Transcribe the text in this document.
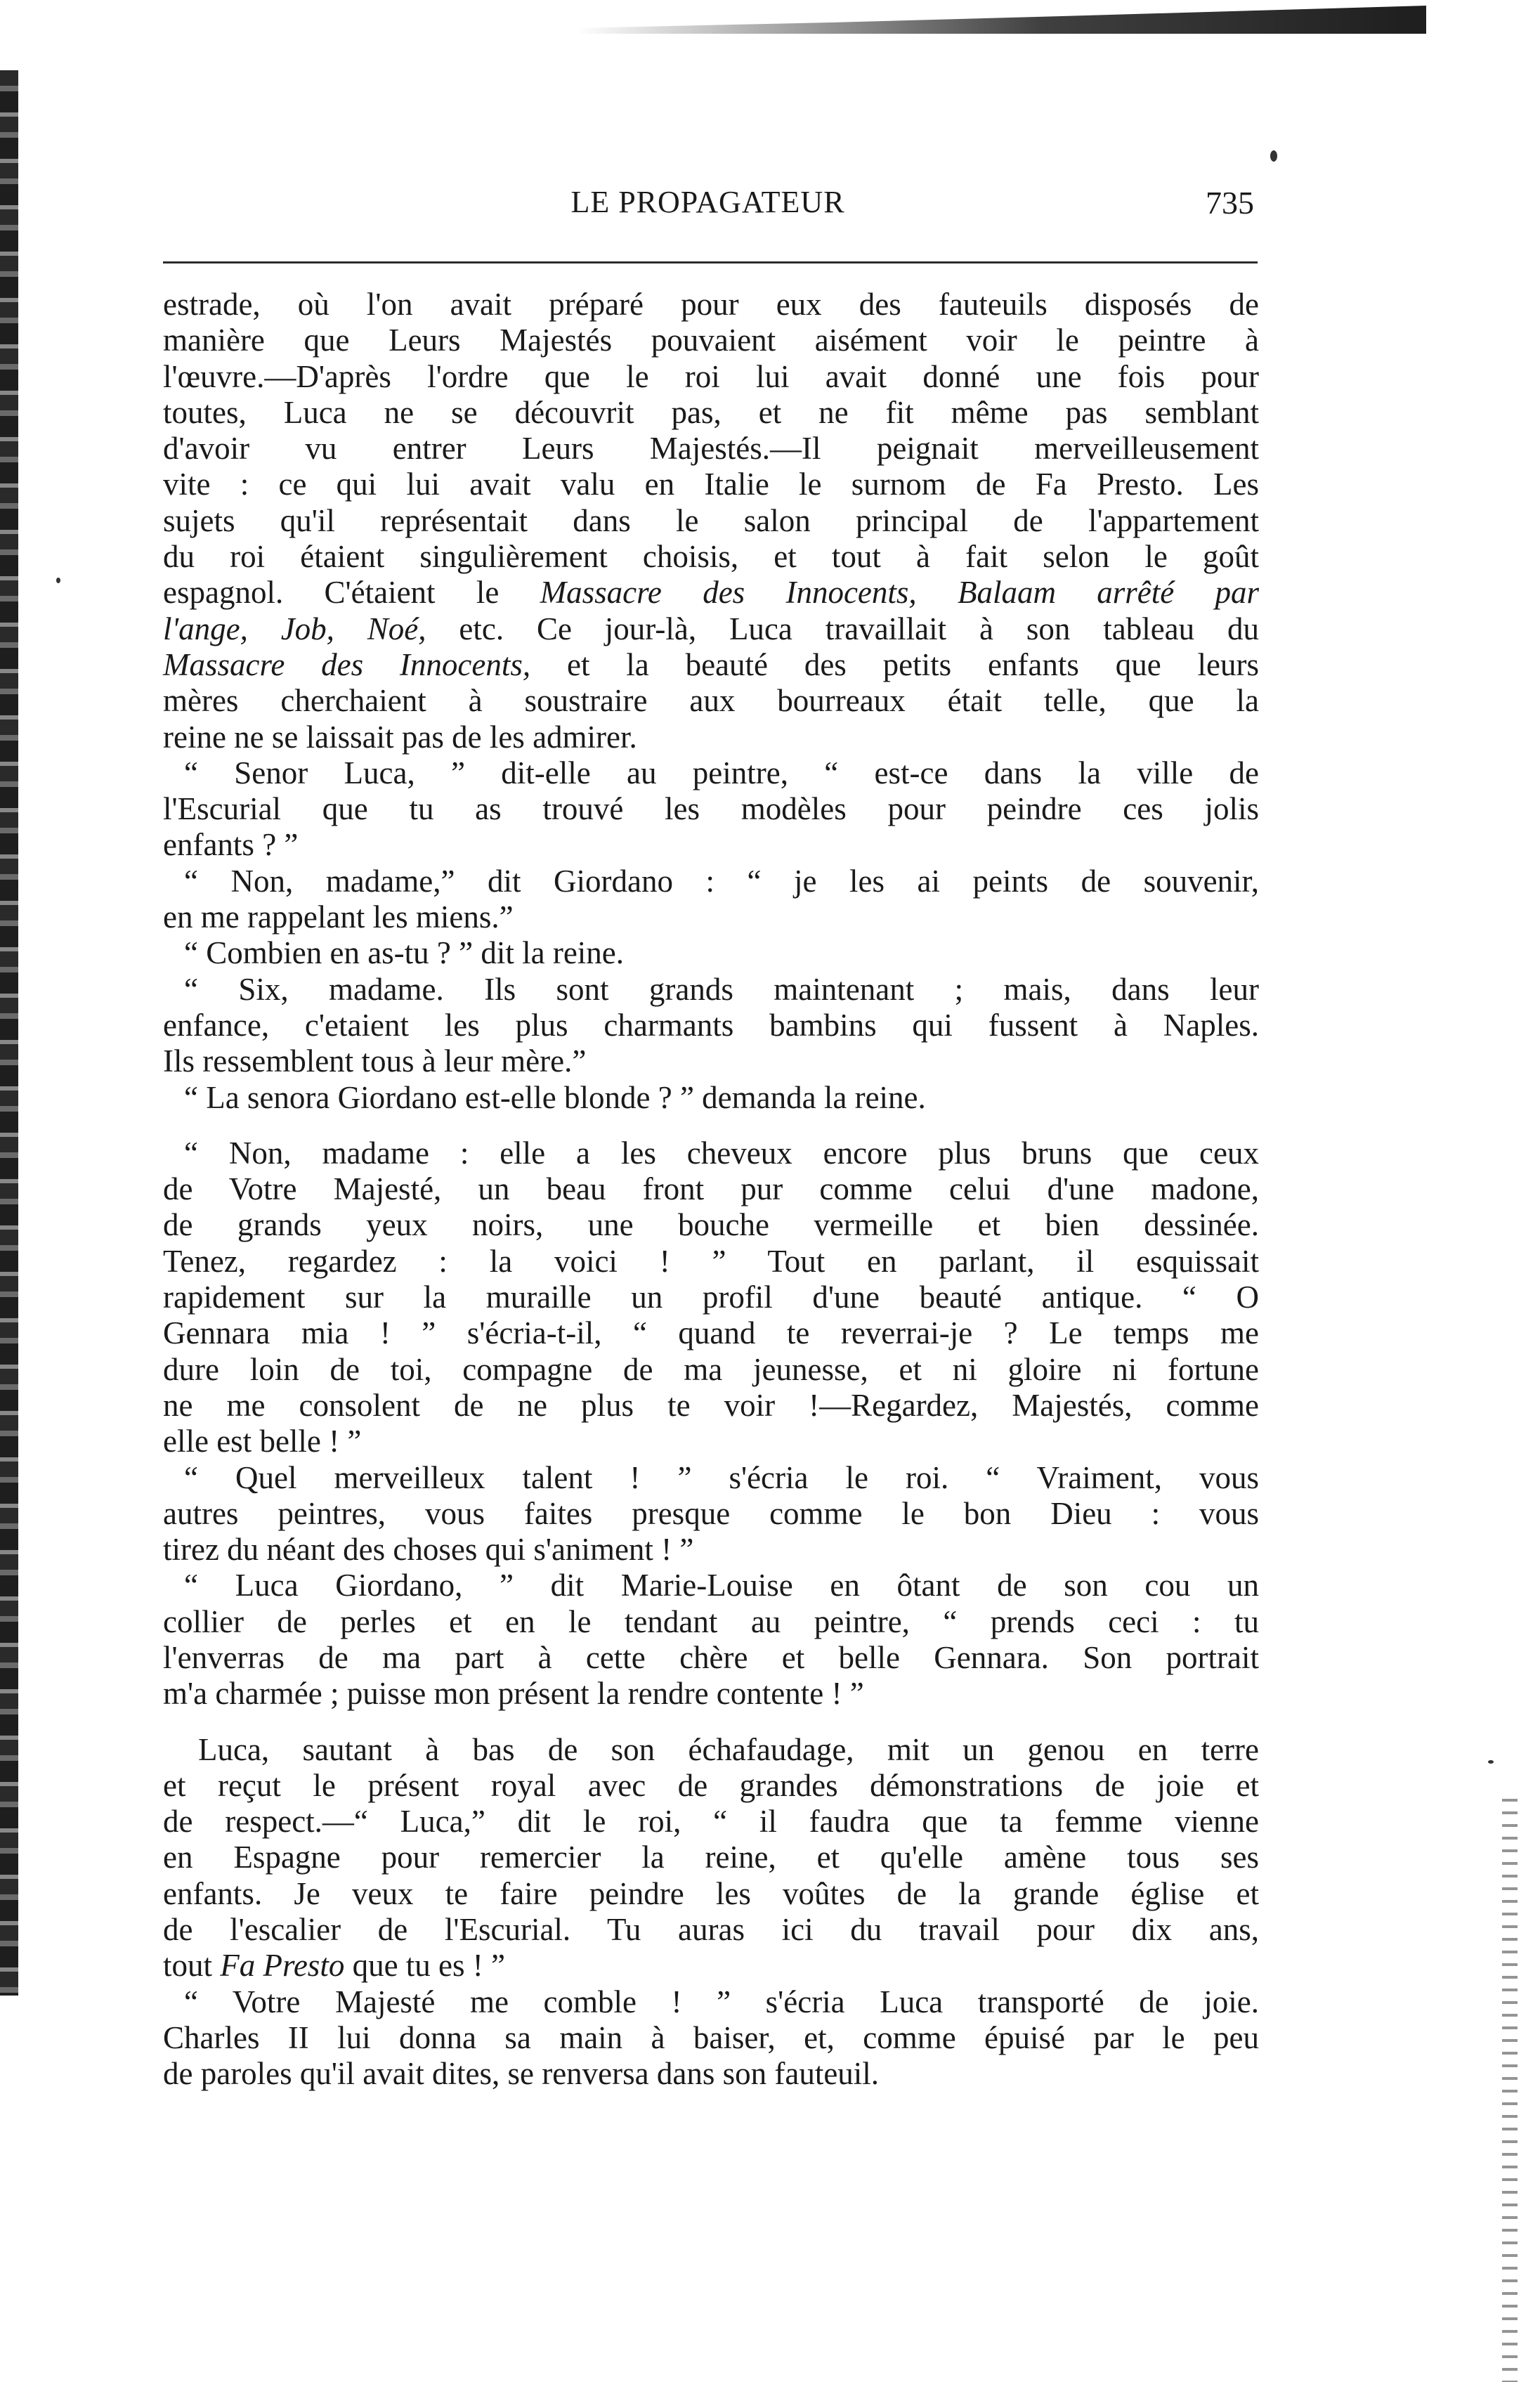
LE PROPAGATEUR	735
estrade, où l'on avait préparé pour eux des fauteuils disposés de
manière que Leurs Majestés pouvaient aisément voir le peintre à
l'œuvre.—D'après l'ordre que le roi lui avait donné une fois pour
toutes, Luca ne se découvrit pas, et ne fit même pas semblant
d'avoir vu entrer Leurs Majestés.—Il peignait merveilleusement
vite : ce qui lui avait valu en Italie le surnom de Fa Presto. Les
sujets qu'il représentait dans le salon principal de l'appartement
du roi étaient singulièrement choisis, et tout à fait selon le goût
espagnol. C'étaient le Massacre des Innocents, Balaam arrêté par
l'ange, Job, Noé, etc. Ce jour-là, Luca travaillait à son tableau du
Massacre des Innocents, et la beauté des petits enfants que leurs
mères cherchaient à soustraire aux bourreaux était telle, que la
reine ne se laissait pas de les admirer.
“ Senor Luca, ” dit-elle au peintre, “ est-ce dans la ville de
l'Escurial que tu as trouvé les modèles pour peindre ces jolis
enfants ? ”
“ Non, madame,” dit Giordano : “ je les ai peints de souvenir,
en me rappelant les miens.”
“ Combien en as-tu ? ” dit la reine.
“ Six, madame. Ils sont grands maintenant ; mais, dans leur
enfance, c'etaient les plus charmants bambins qui fussent à Naples.
Ils ressemblent tous à leur mère.”
“ La senora Giordano est-elle blonde ? ” demanda la reine.
“ Non, madame : elle a les cheveux encore plus bruns que ceux
de Votre Majesté, un beau front pur comme celui d'une madone,
de grands yeux noirs, une bouche vermeille et bien dessinée.
Tenez, regardez : la voici ! ” Tout en parlant, il esquissait
rapidement sur la muraille un profil d'une beauté antique. “ O
Gennara mia ! ” s'écria-t-il, “ quand te reverrai-je ? Le temps me
dure loin de toi, compagne de ma jeunesse, et ni gloire ni fortune
ne me consolent de ne plus te voir !—Regardez, Majestés, comme
elle est belle ! ”
“ Quel merveilleux talent ! ” s'écria le roi. “ Vraiment, vous
autres peintres, vous faites presque comme le bon Dieu : vous
tirez du néant des choses qui s'animent ! ”
“ Luca Giordano, ” dit Marie-Louise en ôtant de son cou un
collier de perles et en le tendant au peintre, “ prends ceci : tu
l'enverras de ma part à cette chère et belle Gennara. Son portrait
m'a charmée ; puisse mon présent la rendre contente ! ”
Luca, sautant à bas de son échafaudage, mit un genou en terre
et reçut le présent royal avec de grandes démonstrations de joie et
de respect.—“ Luca,” dit le roi, “ il faudra que ta femme vienne
en Espagne pour remercier la reine, et qu'elle amène tous ses
enfants. Je veux te faire peindre les voûtes de la grande église et
de l'escalier de l'Escurial. Tu auras ici du travail pour dix ans,
tout Fa Presto que tu es ! ”
“ Votre Majesté me comble ! ” s'écria Luca transporté de joie.
Charles II lui donna sa main à baiser, et, comme épuisé par le peu
de paroles qu'il avait dites, se renversa dans son fauteuil.
